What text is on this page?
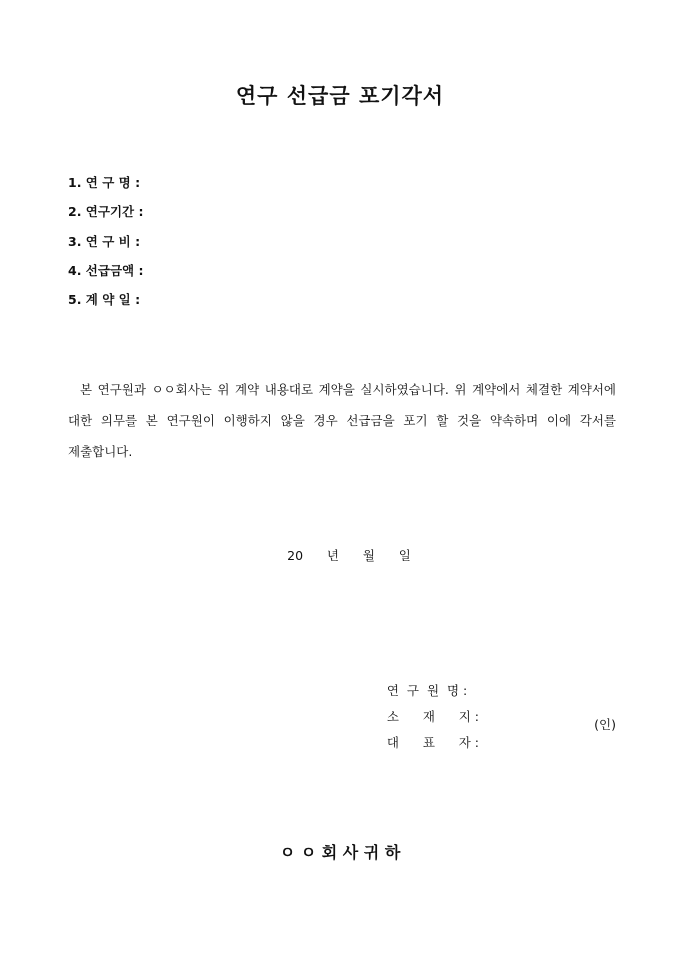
연구 선급금 포기각서
1. 연 구 명 :
2. 연구기간 :
3. 연 구 비 :
4. 선급금액 :
5. 계 약 일 :

본 연구원과 ㅇㅇ회사는 위 계약 내용대로 계약을 실시하였습니다. 위 계약에서 체결한 계약서에 대한 의무를 본 연구원이 이행하지 않을 경우 선급금을 포기 할 것을 약속하며 이에 각서를 제출합니다.

20      년      월      일

연  구  원  명 :

소      재      지 :

대      표      자 :

(인)

ㅇ ㅇ 회 사 귀 하
